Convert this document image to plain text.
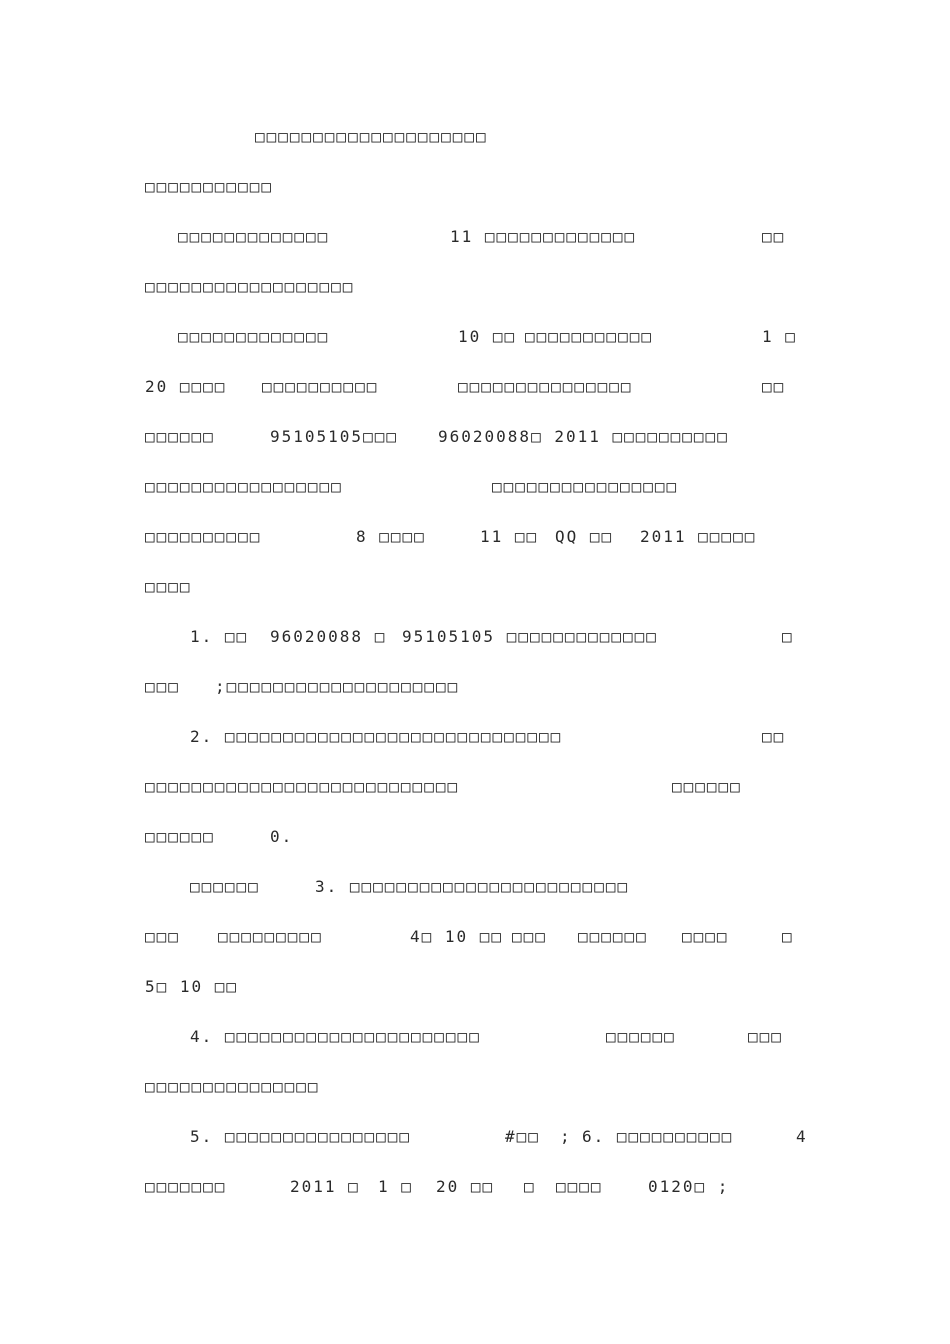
□□□□□□□□□□□□□□□□□□□□
□□□□□□□□□□□
□□□□□□□□□□□□□	11 □□□□□□□□□□□□□	□□
□□□□□□□□□□□□□□□□□□
□□□□□□□□□□□□□	10 □□ □□□□□□□□□□□	1 □
20 □□□□ □□□□□□□□□□	□□□□□□□□□□□□□□□	□□
□□□□□□	95105105□□□	96020088□ 2011 □□□□□□□□□□
□□□□□□□□□□□□□□□□□	□□□□□□□□□□□□□□□□
□□□□□□□□□□	8 □□□□	11 □□ QQ □□ 2011 □□□□□
□□□□
1. □□ 96020088 □ 95105105 □□□□□□□□□□□□□	□
□□□ ;□□□□□□□□□□□□□□□□□□□□
2. □□□□□□□□□□□□□□□□□□□□□□□□□□□□□	□□
□□□□□□□□□□□□□□□□□□□□□□□□□□□	□□□□□□
□□□□□□	0.
□□□□□□	3. □□□□□□□□□□□□□□□□□□□□□□□□
□□□ □□□□□□□□□	4□ 10 □□ □□□ □□□□□□ □□□□	□
5□ 10 □□
4. □□□□□□□□□□□□□□□□□□□□□□	□□□□□□	□□□
□□□□□□□□□□□□□□□
5. □□□□□□□□□□□□□□□□	#□□ ; 6. □□□□□□□□□□	4
□□□□□□□	2011 □ 1 □ 20 □□ □ □□□□	0120□ ;
